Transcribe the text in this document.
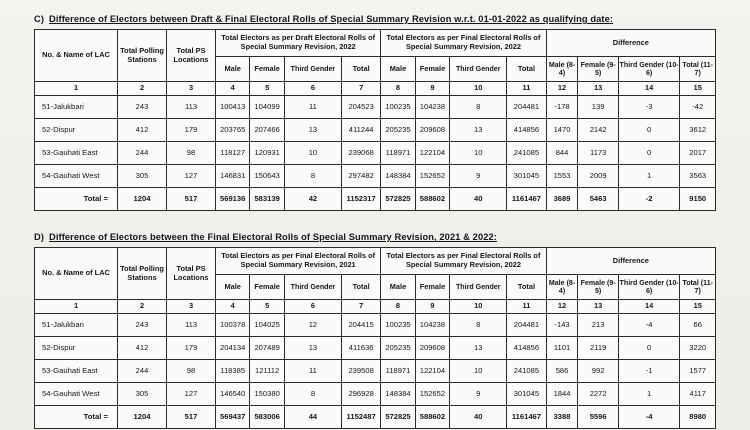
C) Difference of Electors between Draft & Final Electoral Rolls of Special Summary Revision w.r.t. 01-01-2022 as qualifying date:
No. & Name of LAC	Total Polling Stations	Total PS Locations	Total Electors as per Draft Electoral Rolls of Special Summary Revision, 2022				Total Electors as per Final Electoral Rolls of Special Summary Revision, 2022				Difference			
			Male	Female	Third Gender	Total	Male	Female	Third Gender	Total	Male (8-4)	Female (9-5)	Third Gender (10-6)	Total (11-7)
1	2	3	4	5	6	7	8	9	10	11	12	13	14	15
51-Jalukbari	243	113	100413	104099	11	204523	100235	104238	8	204481	-178	139	-3	-42
52-Dispur	412	179	203765	207466	13	411244	205235	209608	13	414856	1470	2142	0	3612
53-Gauhati East	244	98	118127	120931	10	239068	118971	122104	10	241085	844	1173	0	2017
54-Gauhati West	305	127	146831	150643	8	297482	148384	152652	9	301045	1553	2009	1	3563
Total =	1204	517	569136	583139	42	1152317	572825	588602	40	1161467	3689	5463	-2	9150
D) Difference of Electors between the Final Electoral Rolls of Special Summary Revision, 2021 & 2022:
No. & Name of LAC	Total Polling Stations	Total PS Locations	Total Electors as per Final Electoral Rolls of Special Summary Revision, 2021				Total Electors as per Final Electoral Rolls of Special Summary Revision, 2022				Difference			
			Male	Female	Third Gender	Total	Male	Female	Third Gender	Total	Male (8-4)	Female (9-5)	Third Gender (10-6)	Total (11-7)
1	2	3	4	5	6	7	8	9	10	11	12	13	14	15
51-Jalukbari	243	113	100378	104025	12	204415	100235	104238	8	204481	-143	213	-4	66
52-Dispur	412	179	204134	207489	13	411636	205235	209608	13	414856	1101	2119	0	3220
53-Gauhati East	244	98	118385	121112	11	239508	118971	122104	10	241085	586	992	-1	1577
54-Gauhati West	305	127	146540	150380	8	296928	148384	152652	9	301045	1844	2272	1	4117
Total =	1204	517	569437	583006	44	1152487	572825	588602	40	1161467	3388	5596	-4	8980
